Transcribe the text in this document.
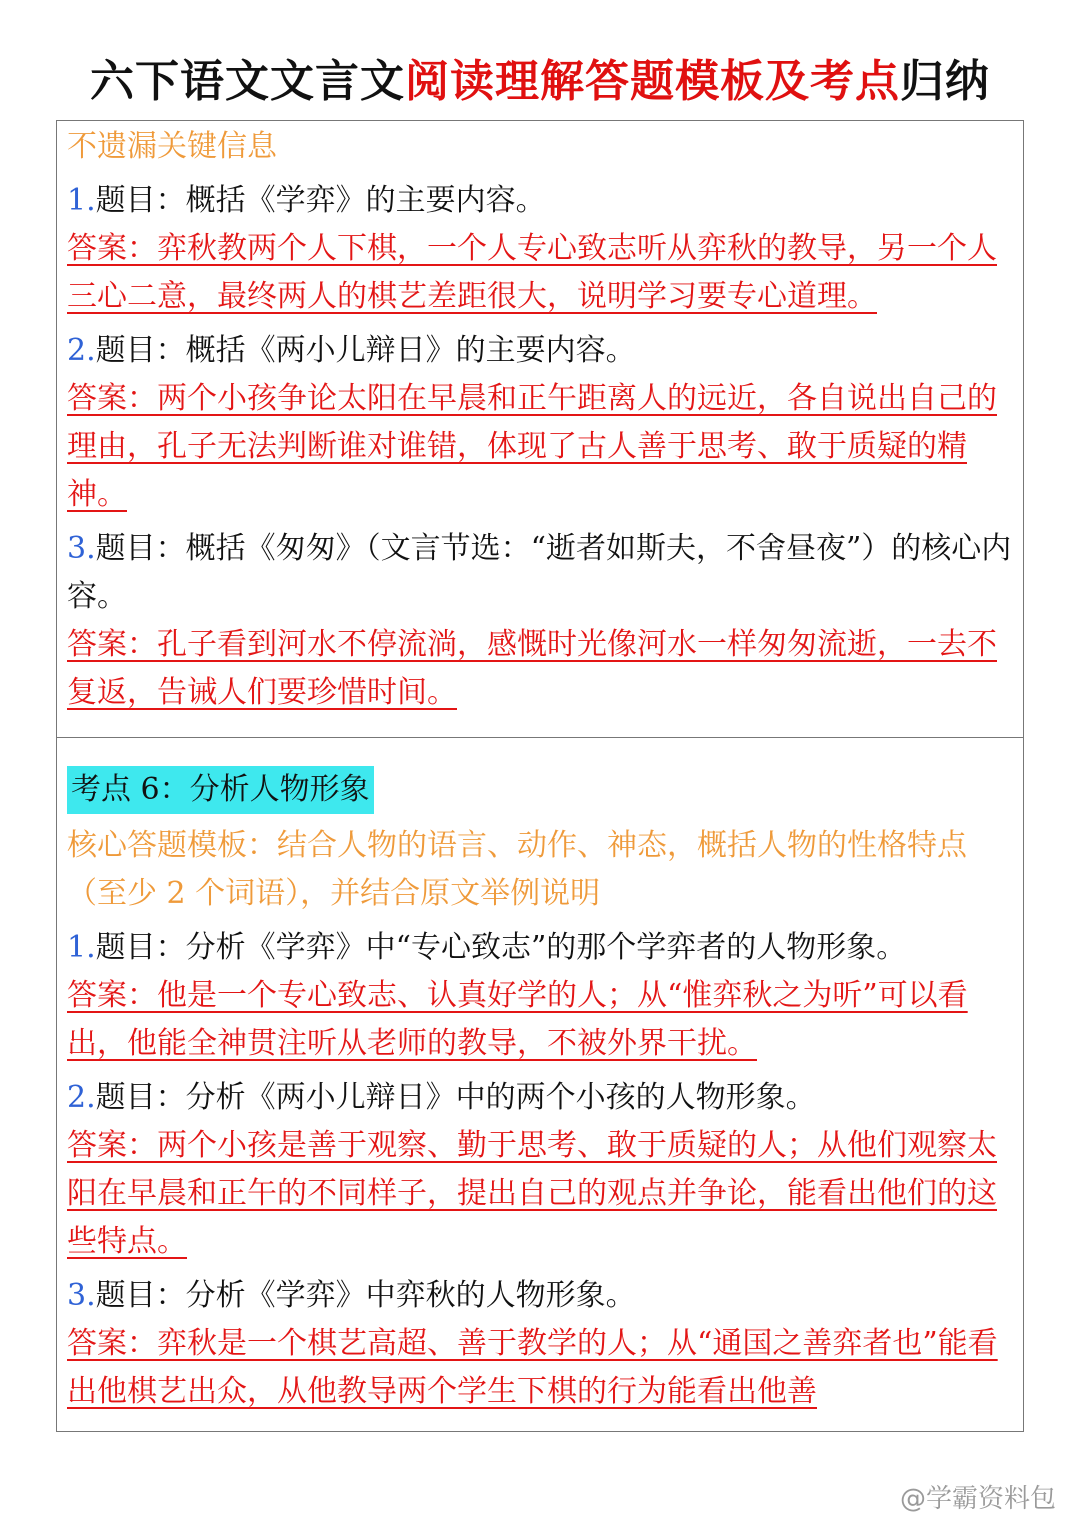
六下语文文言文阅读理解答题模板及考点归纳

不遗漏关键信息

1.题目：概括《学弈》的主要内容。

答案：弈秋教两个人下棋，一个人专心致志听从弈秋的教导，另一个人三心二意，最终两人的棋艺差距很大，说明学习要专心道理。

2.题目：概括《两小儿辩日》的主要内容。

答案：两个小孩争论太阳在早晨和正午距离人的远近，各自说出自己的理由，孔子无法判断谁对谁错，体现了古人善于思考、敢于质疑的精神。

3.题目：概括《匆匆》（文言节选：“逝者如斯夫，不舍昼夜”）的核心内容。

答案：孔子看到河水不停流淌，感慨时光像河水一样匆匆流逝，一去不复返，告诫人们要珍惜时间。

考点 6：分析人物形象

核心答题模板：结合人物的语言、动作、神态，概括人物的性格特点（至少 2 个词语），并结合原文举例说明

1.题目：分析《学弈》中“专心致志”的那个学弈者的人物形象。

答案：他是一个专心致志、认真好学的人；从“惟弈秋之为听”可以看出，他能全神贯注听从老师的教导，不被外界干扰。

2.题目：分析《两小儿辩日》中的两个小孩的人物形象。

答案：两个小孩是善于观察、勤于思考、敢于质疑的人；从他们观察太阳在早晨和正午的不同样子，提出自己的观点并争论，能看出他们的这些特点。

3.题目：分析《学弈》中弈秋的人物形象。

答案：弈秋是一个棋艺高超、善于教学的人；从“通国之善弈者也”能看出他棋艺出众，从他教导两个学生下棋的行为能看出他善

@学霸资料包
